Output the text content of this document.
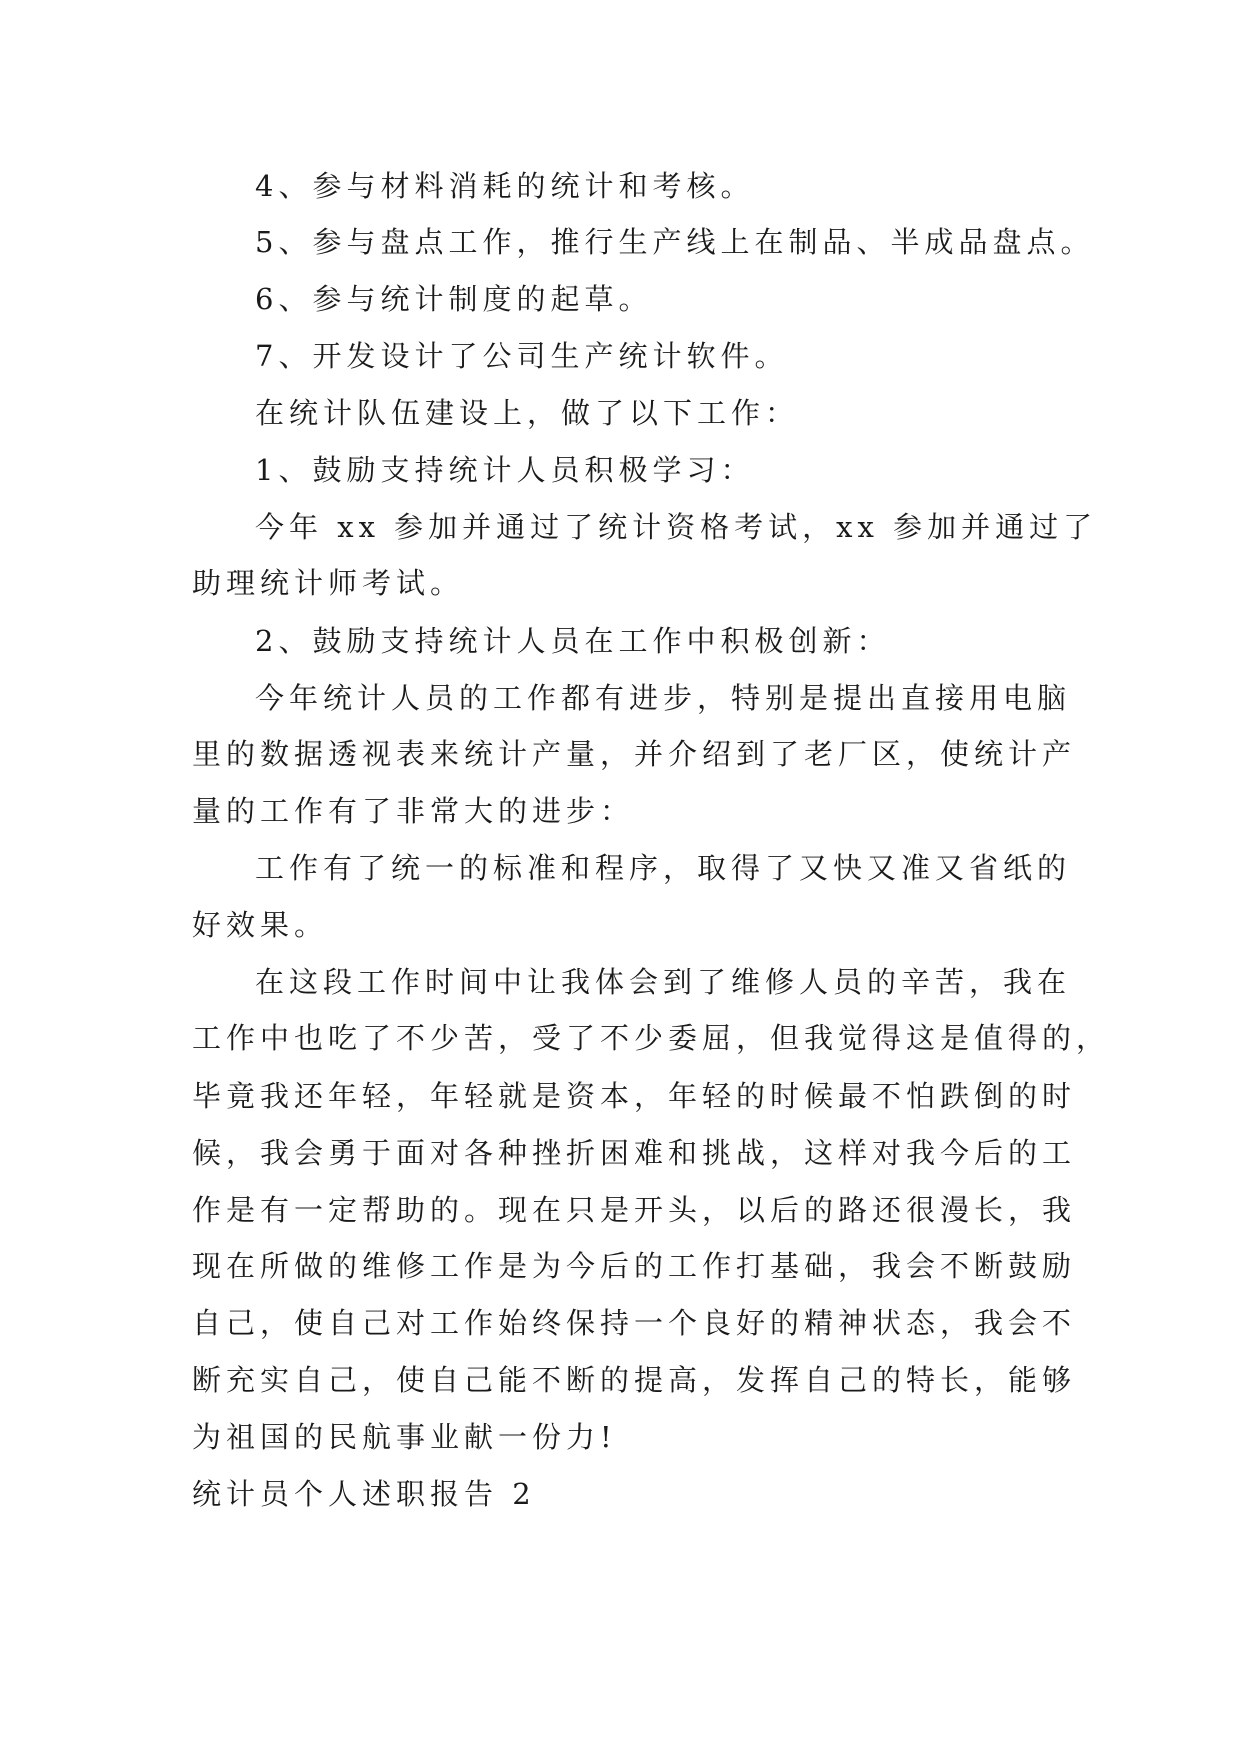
4、参与材料消耗的统计和考核。

5、参与盘点工作，推行生产线上在制品、半成品盘点。

6、参与统计制度的起草。

7、开发设计了公司生产统计软件。

在统计队伍建设上，做了以下工作：

1、鼓励支持统计人员积极学习：

今年 xx 参加并通过了统计资格考试，xx 参加并通过了

助理统计师考试。

2、鼓励支持统计人员在工作中积极创新：

今年统计人员的工作都有进步，特别是提出直接用电脑

里的数据透视表来统计产量，并介绍到了老厂区，使统计产

量的工作有了非常大的进步：

工作有了统一的标准和程序，取得了又快又准又省纸的

好效果。

在这段工作时间中让我体会到了维修人员的辛苦，我在

工作中也吃了不少苦，受了不少委屈，但我觉得这是值得的，

毕竟我还年轻，年轻就是资本，年轻的时候最不怕跌倒的时

候，我会勇于面对各种挫折困难和挑战，这样对我今后的工

作是有一定帮助的。现在只是开头，以后的路还很漫长，我

现在所做的维修工作是为今后的工作打基础，我会不断鼓励

自己，使自己对工作始终保持一个良好的精神状态，我会不

断充实自己，使自己能不断的提高，发挥自己的特长，能够

为祖国的民航事业献一份力!

统计员个人述职报告 2
